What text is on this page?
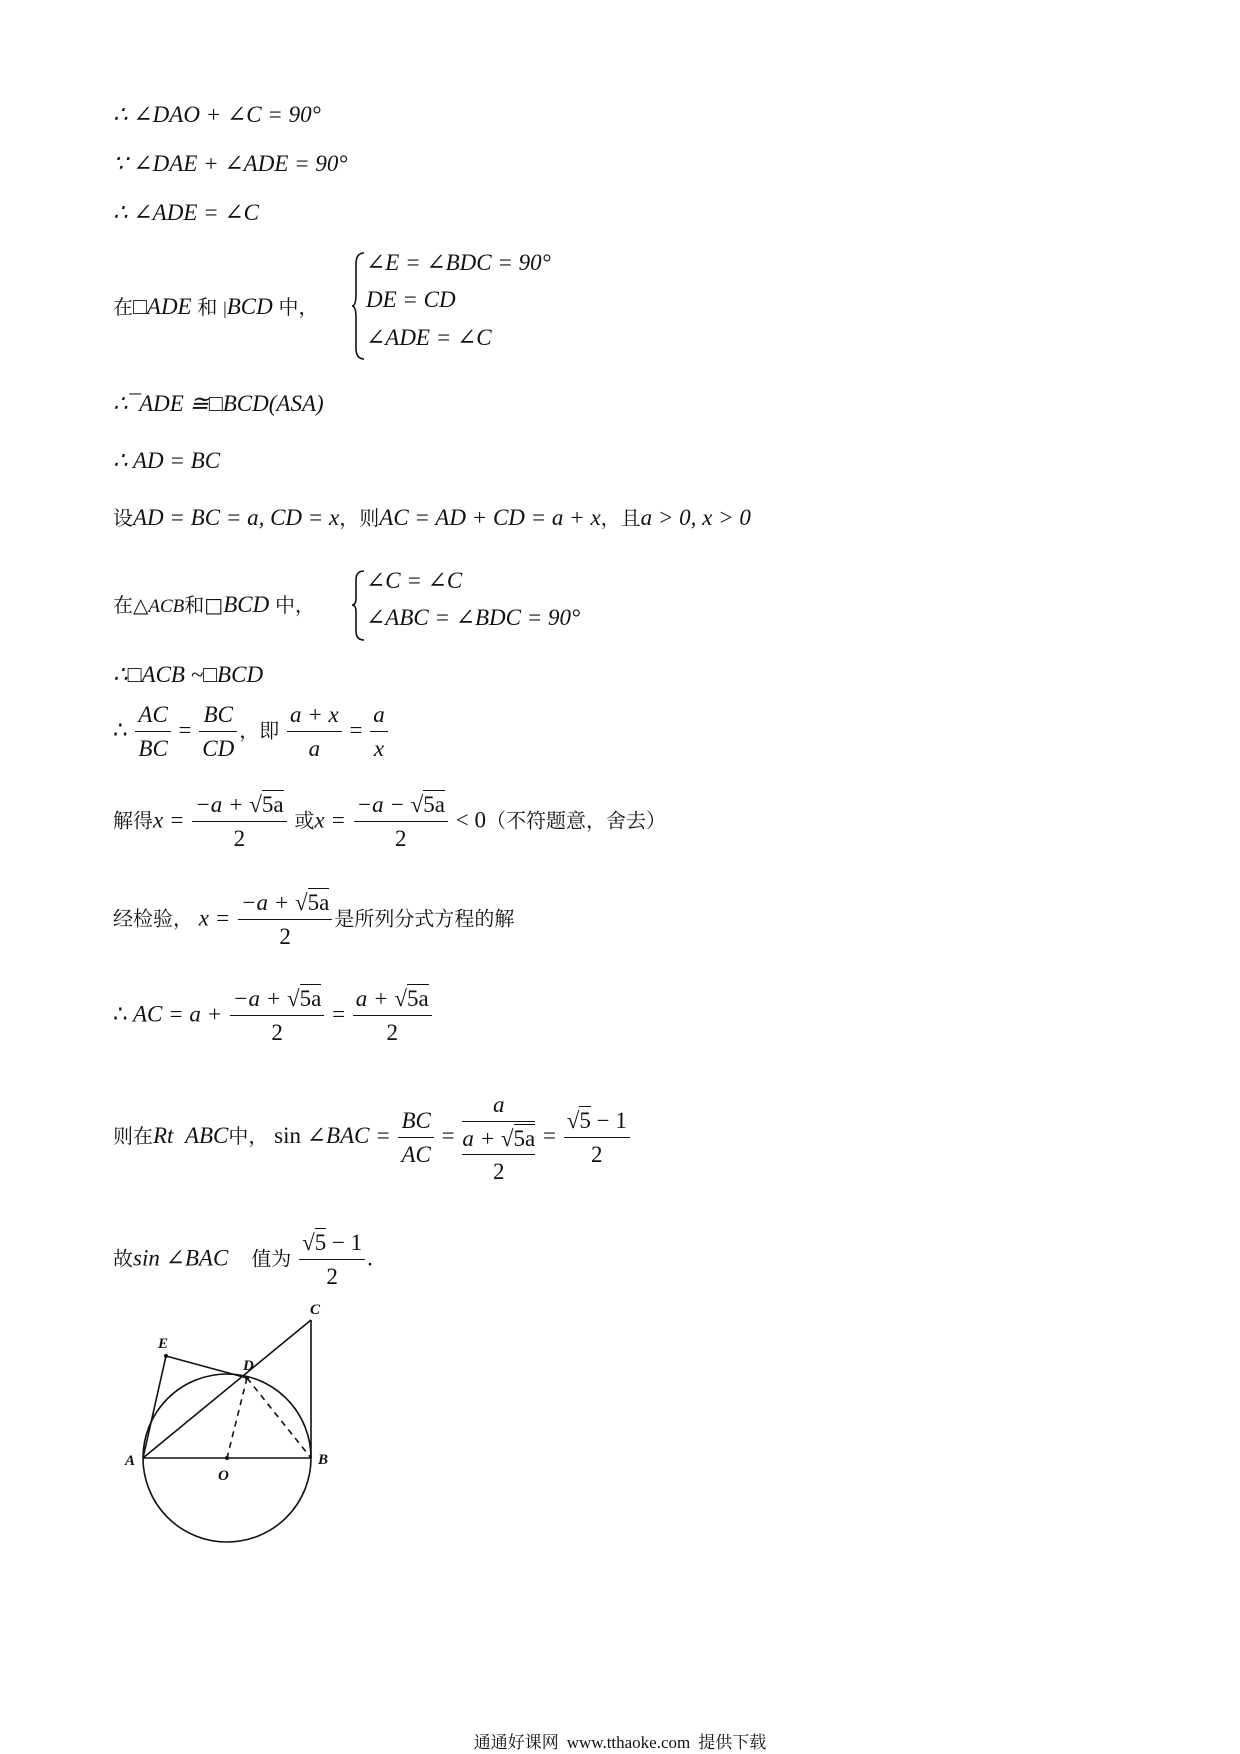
∴ ∠DAO + ∠C = 90°
∵ ∠DAE + ∠ADE = 90°
∴ ∠ADE = ∠C
在□ADE 和 |BCD 中，
∠E = ∠BDC = 90°
DE = CD
∠ADE = ∠C
∴¯ADE ≅□BCD(ASA)
∴ AD = BC
设AD = BC = a, CD = x，则AC = AD + CD = a + x，且a > 0, x > 0
在△ACB和□BCD 中，
∠C = ∠C
∠ABC = ∠BDC = 90°
∴□ACB ~□BCD
∴ $\frac{AC}{BC} = \frac{BC}{CD}$ ，即 $\frac{a + x}{a} = \frac{a}{x}$
解得$x = \frac{-a + √5a}{2}$ 或$x = \frac{-a - √5a}{2} < 0$（不符题意，舍去）
经检验， $x = \frac{-a + √5a}{2}$ 是所列分式方程的解
∴ AC = $a + \frac{-a + √5a}{2} = \frac{a + √5a}{2}$
则在Rt ABC中， sin ∠BAC = $\frac{BC}{AC}$ =
a
a + √5a
2
= $\frac{√5 - 1}{2}$
故sin ∠BAC 值为 $\frac{√5 - 1}{2}$ .
A	B
C
D
E
O
通通好课网 www.tthaoke.com 提供下载
